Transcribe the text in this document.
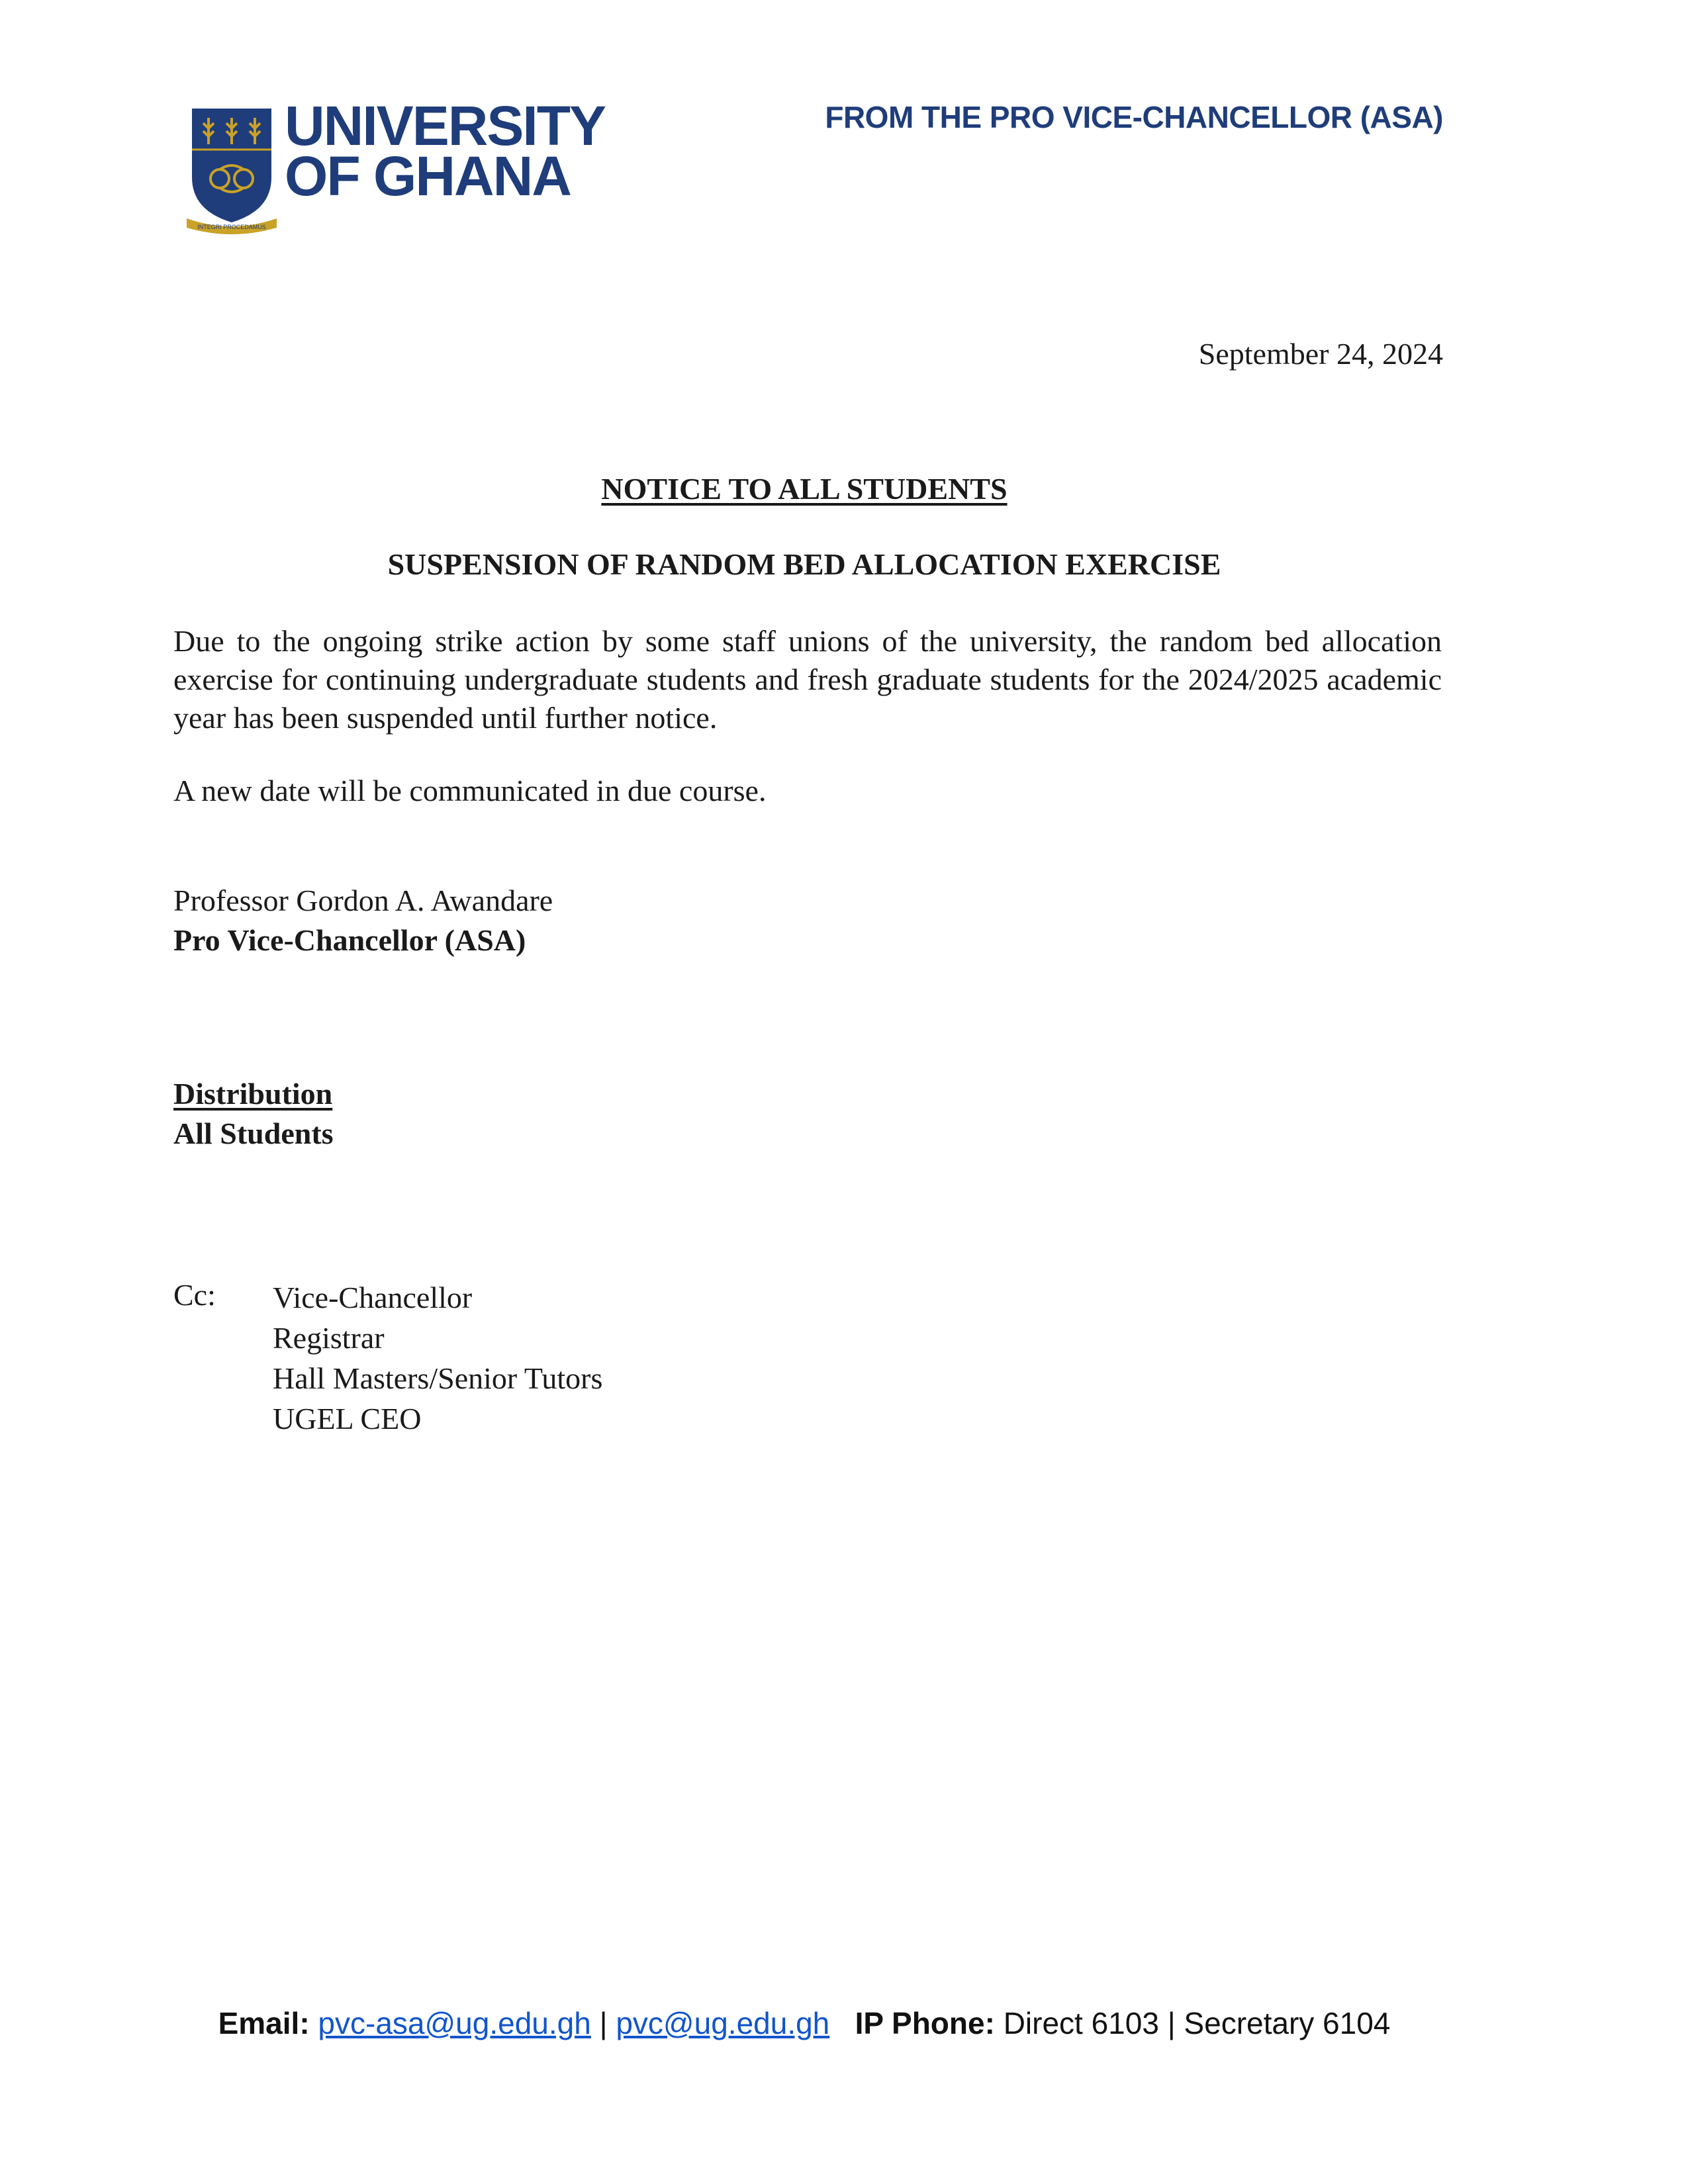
INTEGRI PROCEDAMUS
UNIVERSITY
OF GHANA
FROM THE PRO VICE-CHANCELLOR (ASA)
September 24, 2024
NOTICE TO ALL STUDENTS
SUSPENSION OF RANDOM BED ALLOCATION EXERCISE
Due to the ongoing strike action by some staff unions of the university, the random bed allocation exercise for continuing undergraduate students and fresh graduate students for the 2024/2025 academic year has been suspended until further notice.
A new date will be communicated in due course.
Professor Gordon A. Awandare
Pro Vice-Chancellor (ASA)
Distribution
All Students
Cc: Vice-Chancellor
Registrar
Hall Masters/Senior Tutors
UGEL CEO
Email: pvc-asa@ug.edu.gh | pvc@ug.edu.gh IP Phone: Direct 6103 | Secretary 6104
